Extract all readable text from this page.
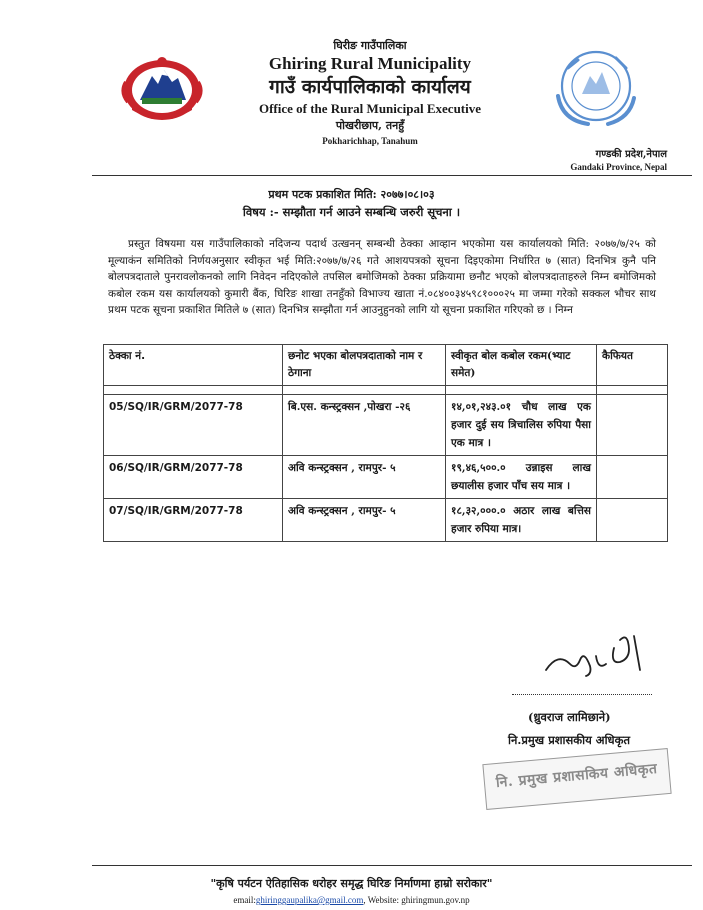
घिरीङ गाउँपालिका

Ghiring Rural Municipality

गाउँ कार्यपालिकाको कार्यालय

Office of the Rural Municipal Executive

पोखरीछाप, तनहुँ

Pokharichhap, Tanahum

गण्डकी प्रदेश,नेपाल
Gandaki Province, Nepal
प्रथम पटक प्रकाशित मिति: २०७७।०८।०३
विषय :- सम्झौता गर्न आउने सम्बन्धि जरुरी सूचना ।

प्रस्तुत विषयमा यस गाउँपालिकाको नदिजन्य पदार्थ उत्खनन् सम्बन्धी ठेक्का आव्हान भएकोमा यस कार्यालयको मिति: २०७७/७/२५ को मूल्याकंन समितिको निर्णयअनुसार स्वीकृत भई मिति:२०७७/७/२६ गते आशयपत्रको सूचना दिइएकोमा निर्धारित ७ (सात) दिनभित्र कुनै पनि बोलपत्रदाताले पुनरावलोकनको लागि निवेदन नदिएकोले तपसिल बमोजिमको ठेक्का प्रक्रियामा छनौट भएको बोलपत्रदाताहरुले निम्न बमोजिमको कबोल रकम यस कार्यालयको कुमारी बैंक, घिरिङ शाखा तनहुँको विभाज्य खाता नं.०८४००३४५९८१०००२५ मा जम्मा गरेको सक्कल भौचर साथ प्रथम पटक सूचना प्रकाशित मितिले ७ (सात) दिनभित्र सम्झौता गर्न आउनुहुनको लागि यो सूचना प्रकाशित गरिएको छ । निम्न

ठेक्का नं.	छनोट भएका बोलपत्रदाताको नाम र ठेगाना	स्वीकृत बोल कबोल रकम(भ्याट समेत)	कैफियत

05/SQ/IR/GRM/2077-78	बि.एस. कन्स्ट्रक्सन ,पोखरा -२६	१४,०१,२४३.०१ चौध लाख एक हजार दुई सय त्रिचालिस रुपिया पैसा एक मात्र ।	
06/SQ/IR/GRM/2077-78	अवि कन्स्ट्रक्सन , रामपुर- ५	१९,४६,५००.० उन्नाइस लाख छयालीस हजार पाँच सय मात्र ।	
07/SQ/IR/GRM/2077-78	अवि कन्स्ट्रक्सन , रामपुर- ५	१८,३२,०००.० अठार लाख बत्तिस हजार रुपिया मात्र।	
(ध्रुवराज लामिछाने)
नि.प्रमुख प्रशासकीय अधिकृत
नि. प्रमुख प्रशासकिय अधिकृत
"कृषि पर्यटन ऐतिहासिक धरोहर समृद्ध घिरिङ निर्माणमा हाम्रो सरोकार"
email:ghiringgaupalika@gmail.com, Website: ghiringmun.gov.np
